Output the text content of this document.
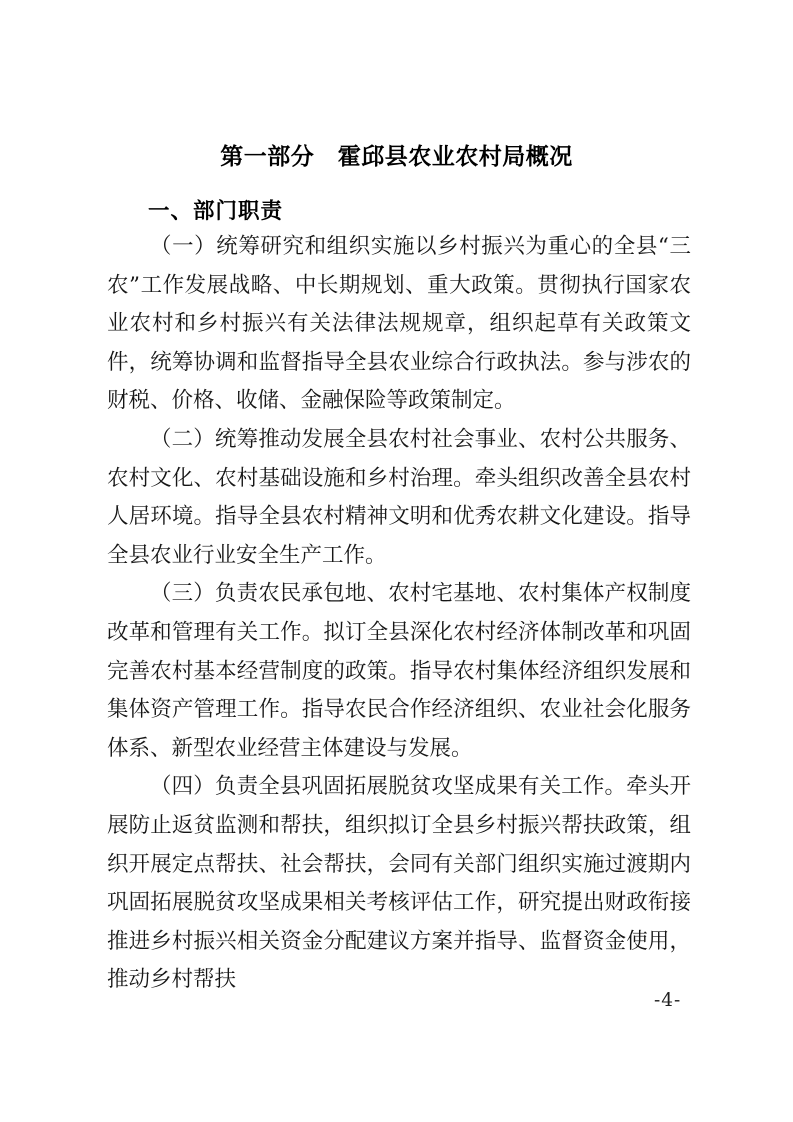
第一部分　霍邱县农业农村局概况
一、部门职责

（一）统筹研究和组织实施以乡村振兴为重心的全县“三农”工作发展战略、中长期规划、重大政策。贯彻执行国家农业农村和乡村振兴有关法律法规规章，组织起草有关政策文件，统筹协调和监督指导全县农业综合行政执法。参与涉农的财税、价格、收储、金融保险等政策制定。

（二）统筹推动发展全县农村社会事业、农村公共服务、农村文化、农村基础设施和乡村治理。牵头组织改善全县农村人居环境。指导全县农村精神文明和优秀农耕文化建设。指导全县农业行业安全生产工作。

（三）负责农民承包地、农村宅基地、农村集体产权制度改革和管理有关工作。拟订全县深化农村经济体制改革和巩固完善农村基本经营制度的政策。指导农村集体经济组织发展和集体资产管理工作。指导农民合作经济组织、农业社会化服务体系、新型农业经营主体建设与发展。

（四）负责全县巩固拓展脱贫攻坚成果有关工作。牵头开展防止返贫监测和帮扶，组织拟订全县乡村振兴帮扶政策，组织开展定点帮扶、社会帮扶，会同有关部门组织实施过渡期内巩固拓展脱贫攻坚成果相关考核评估工作，研究提出财政衔接推进乡村振兴相关资金分配建议方案并指导、监督资金使用，推动乡村帮扶

-4-
